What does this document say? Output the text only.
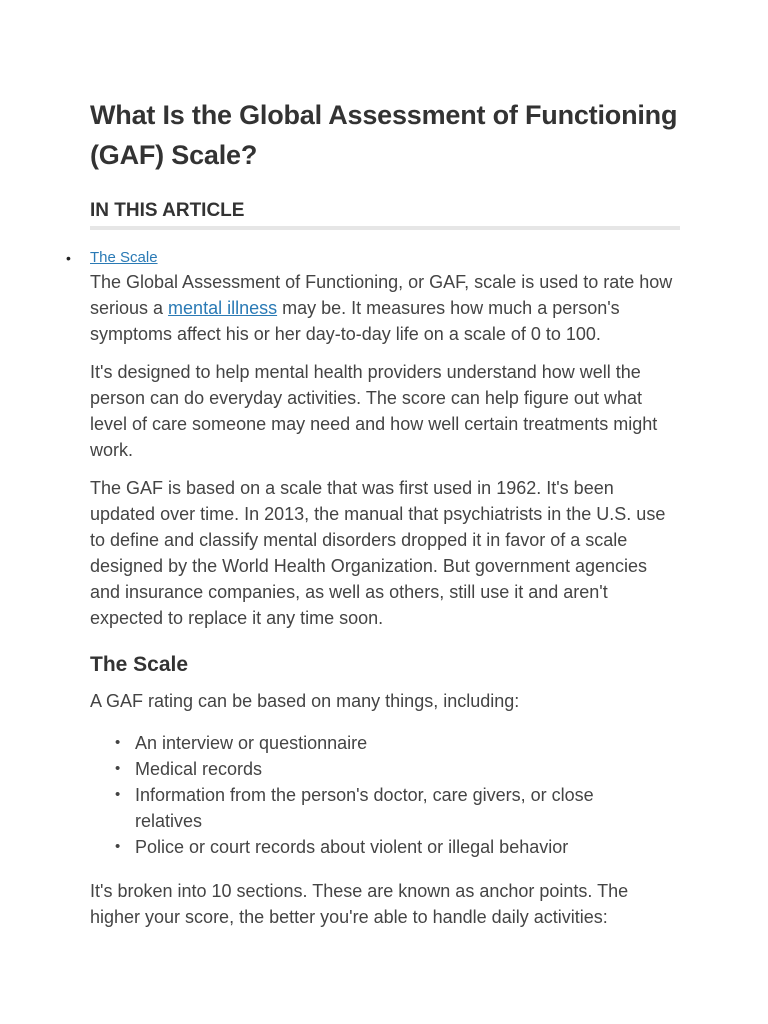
What Is the Global Assessment of Functioning (GAF) Scale?
IN THIS ARTICLE
• The Scale

The Global Assessment of Functioning, or GAF, scale is used to rate how serious a mental illness may be. It measures how much a person's symptoms affect his or her day-to-day life on a scale of 0 to 100.

It's designed to help mental health providers understand how well the person can do everyday activities. The score can help figure out what level of care someone may need and how well certain treatments might work.

The GAF is based on a scale that was first used in 1962. It's been updated over time. In 2013, the manual that psychiatrists in the U.S. use to define and classify mental disorders dropped it in favor of a scale designed by the World Health Organization. But government agencies and insurance companies, as well as others, still use it and aren't expected to replace it any time soon.

The Scale

A GAF rating can be based on many things, including:

• An interview or questionnaire
• Medical records
• Information from the person's doctor, care givers, or close relatives
• Police or court records about violent or illegal behavior

It's broken into 10 sections. These are known as anchor points. The higher your score, the better you're able to handle daily activities:
